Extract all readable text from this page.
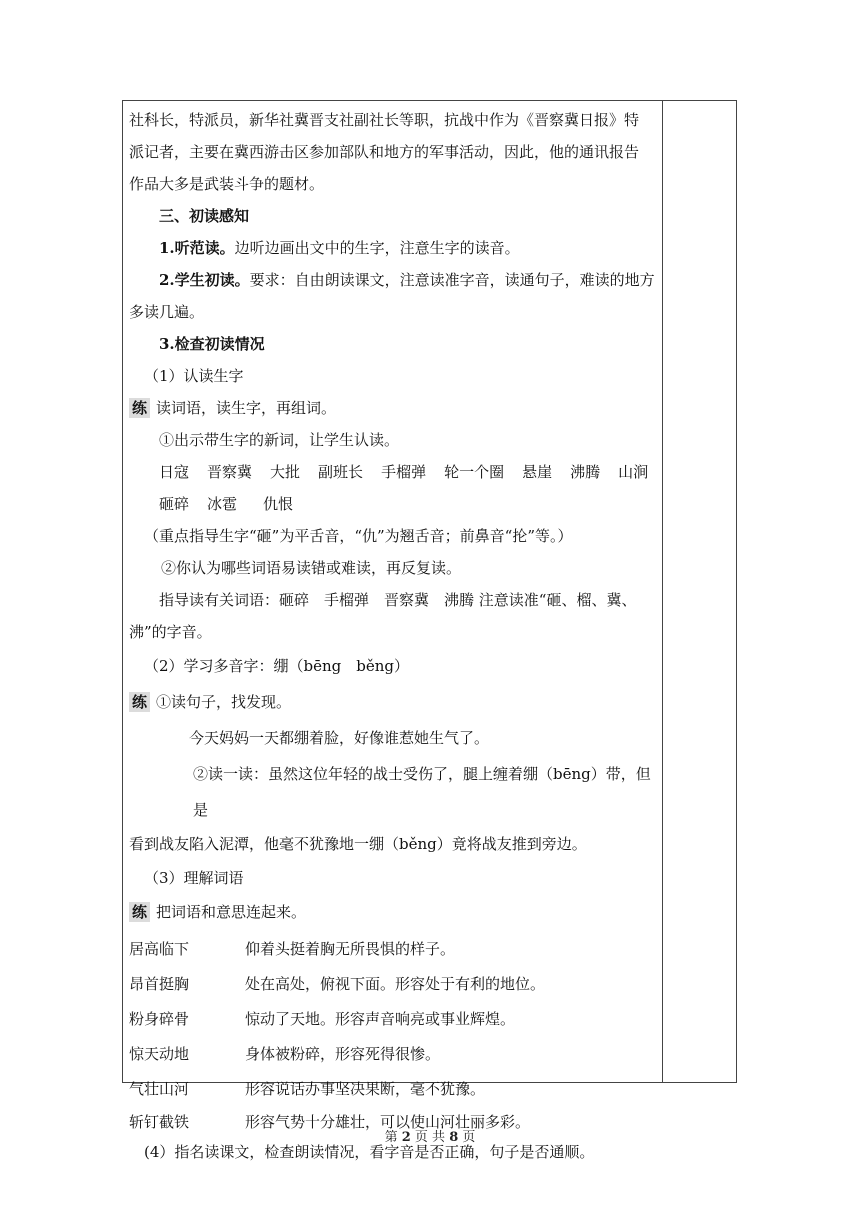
社科长，特派员，新华社冀晋支社副社长等职，抗战中作为《晋察冀日报》特

派记者，主要在冀西游击区参加部队和地方的军事活动，因此，他的通讯报告

作品大多是武装斗争的题材。

三、初读感知

1.听范读。边听边画出文中的生字，注意生字的读音。

2.学生初读。要求：自由朗读课文，注意读准字音，读通句子，难读的地方

多读几遍。

3.检查初读情况

（1）认读生字

练 读词语，读生字，再组词。

①出示带生字的新词，让学生认读。

日寇 晋察冀 大批 副班长 手榴弹 轮一个圈 悬崖 沸腾 山涧

砸碎 冰雹 仇恨

（重点指导生字“砸”为平舌音，“仇”为翘舌音；前鼻音“抡”等。）

②你认为哪些词语易读错或难读，再反复读。

指导读有关词语：砸碎　手榴弹　晋察冀　沸腾 注意读准“砸、榴、冀、

沸”的字音。

（2）学习多音字：绷（bēng　běng）

练 ①读句子，找发现。

今天妈妈一天都绷着脸，好像谁惹她生气了。

②读一读：虽然这位年轻的战士受伤了，腿上缠着绷（bēng）带，但是

看到战友陷入泥潭，他毫不犹豫地一绷（běng）竟将战友推到旁边。

（3）理解词语

练 把词语和意思连起来。

居高临下	仰着头挺着胸无所畏惧的样子。
昂首挺胸	处在高处，俯视下面。形容处于有利的地位。
粉身碎骨	惊动了天地。形容声音响亮或事业辉煌。
惊天动地	身体被粉碎，形容死得很惨。
气壮山河	形容说话办事坚决果断，毫不犹豫。
斩钉截铁	形容气势十分雄壮，可以使山河壮丽多彩。

(4）指名读课文，检查朗读情况，看字音是否正确，句子是否通顺。

第 2 页 共 8 页
